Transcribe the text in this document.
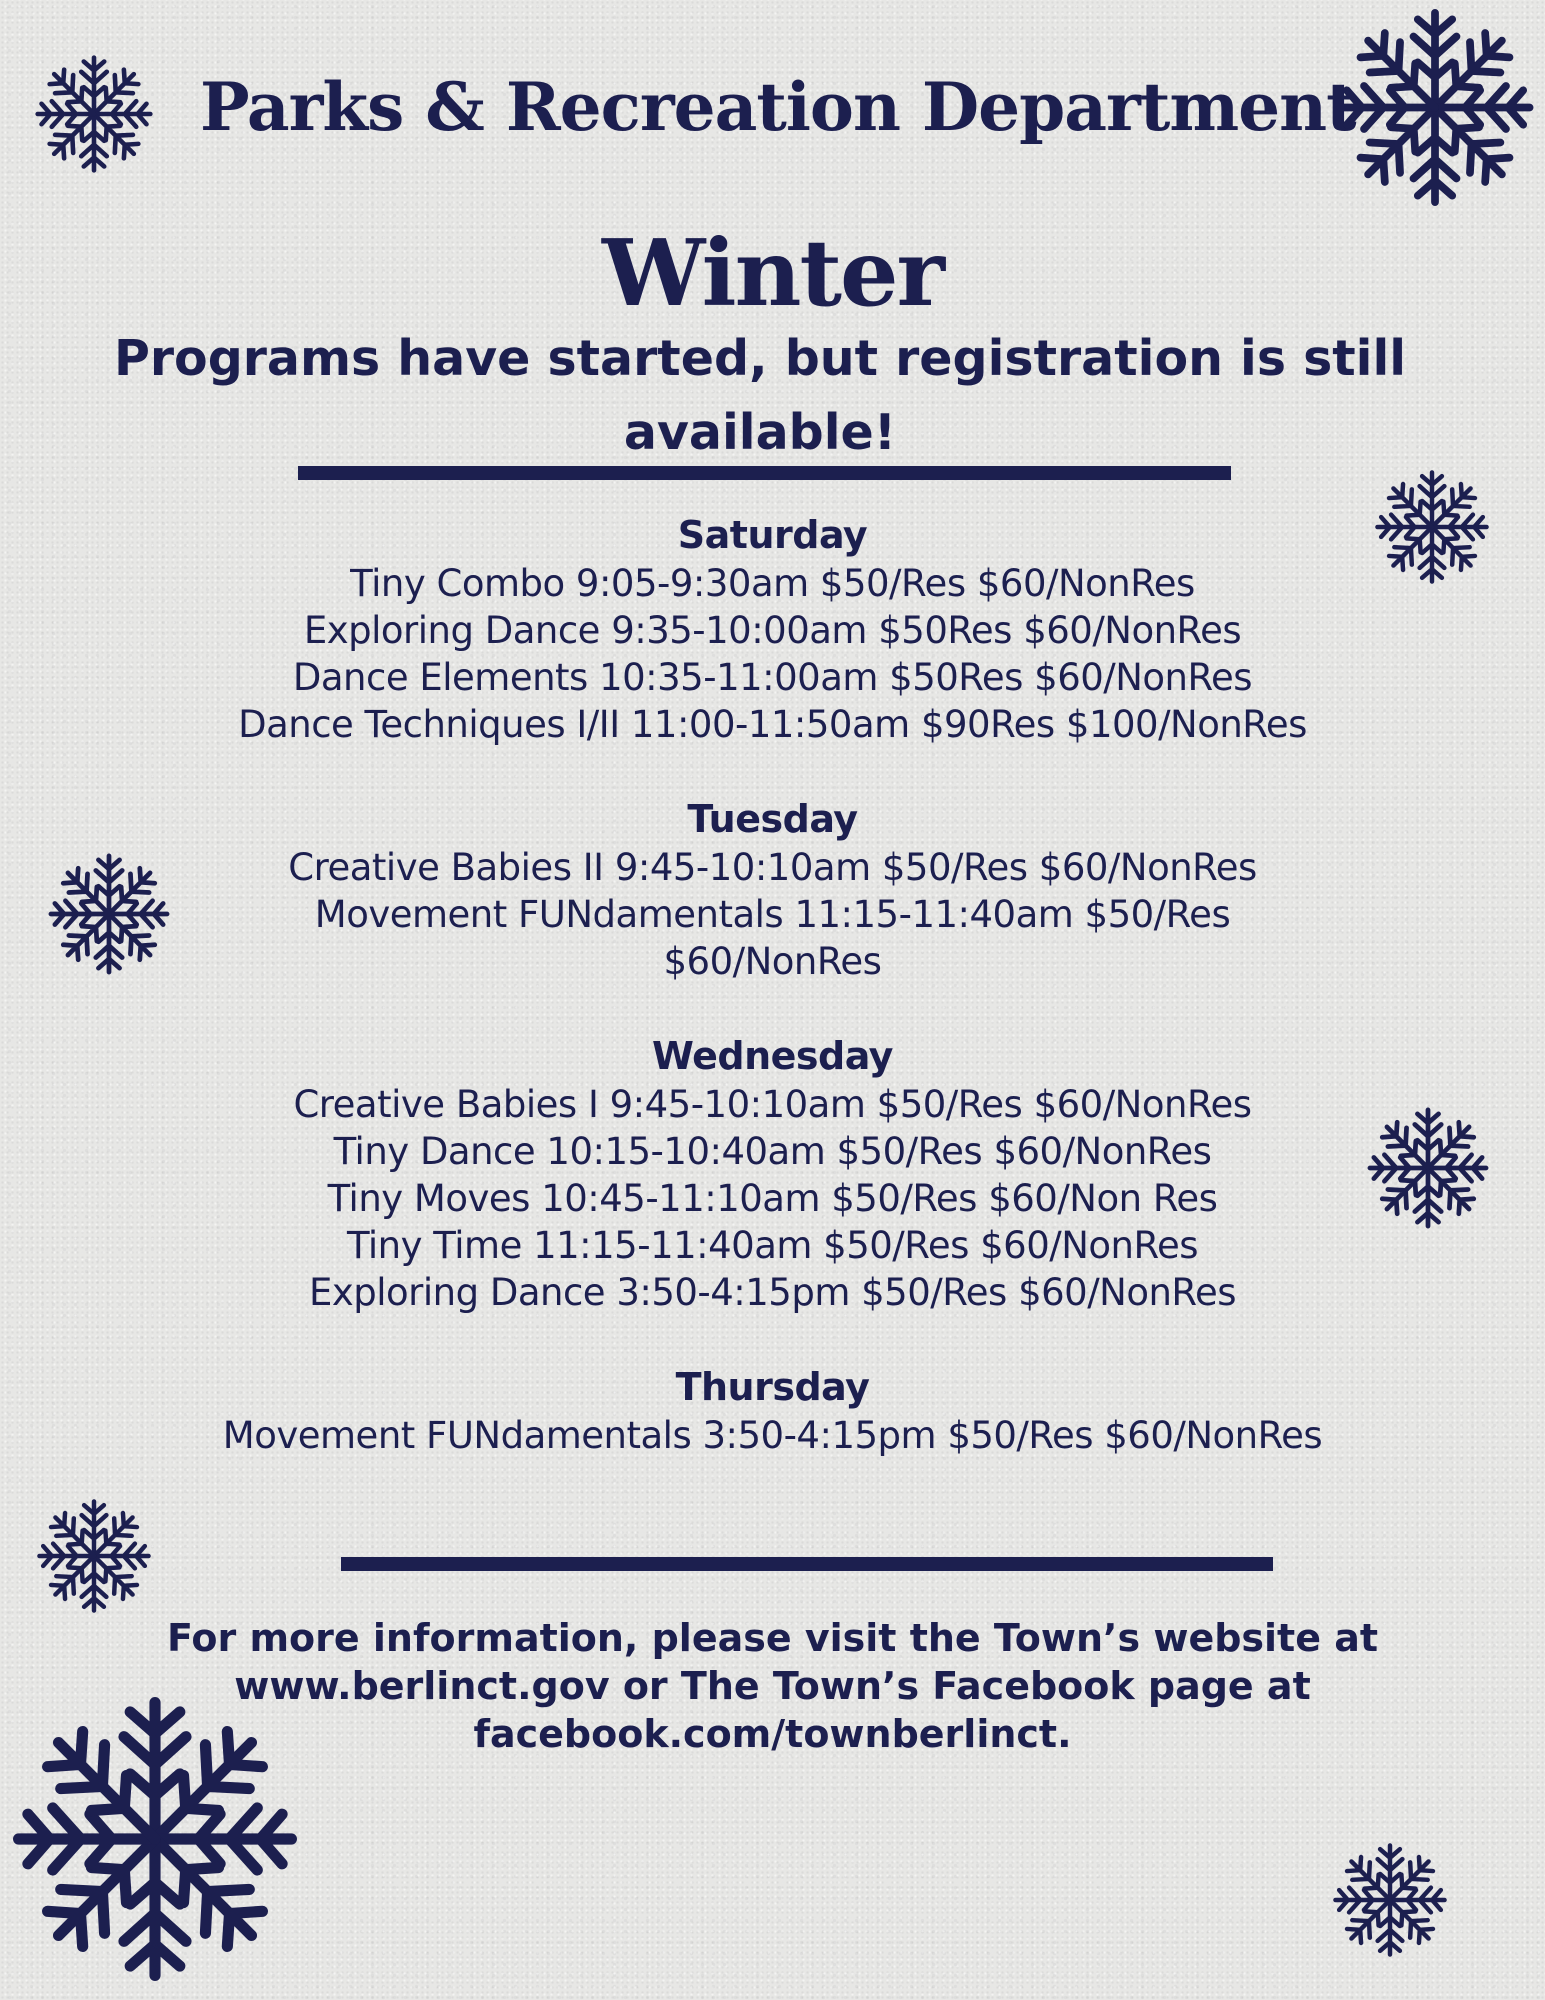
Parks & Recreation Department
Winter
Programs have started, but registration is still available!
Saturday
Tiny Combo 9:05-9:30am $50/Res $60/NonRes
Exploring Dance 9:35-10:00am $50Res $60/NonRes
Dance Elements 10:35-11:00am $50Res $60/NonRes
Dance Techniques I/II 11:00-11:50am $90Res $100/NonRes
Tuesday
Creative Babies II 9:45-10:10am $50/Res $60/NonRes
Movement FUNdamentals 11:15-11:40am $50/Res $60/NonRes
Wednesday
Creative Babies I 9:45-10:10am $50/Res $60/NonRes
Tiny Dance 10:15-10:40am $50/Res $60/NonRes
Tiny Moves 10:45-11:10am $50/Res $60/Non Res
Tiny Time 11:15-11:40am $50/Res $60/NonRes
Exploring Dance 3:50-4:15pm $50/Res $60/NonRes
Thursday
Movement FUNdamentals 3:50-4:15pm $50/Res $60/NonRes
For more information, please visit the Town’s website at www.berlinct.gov or The Town’s Facebook page at facebook.com/townberlinct.
